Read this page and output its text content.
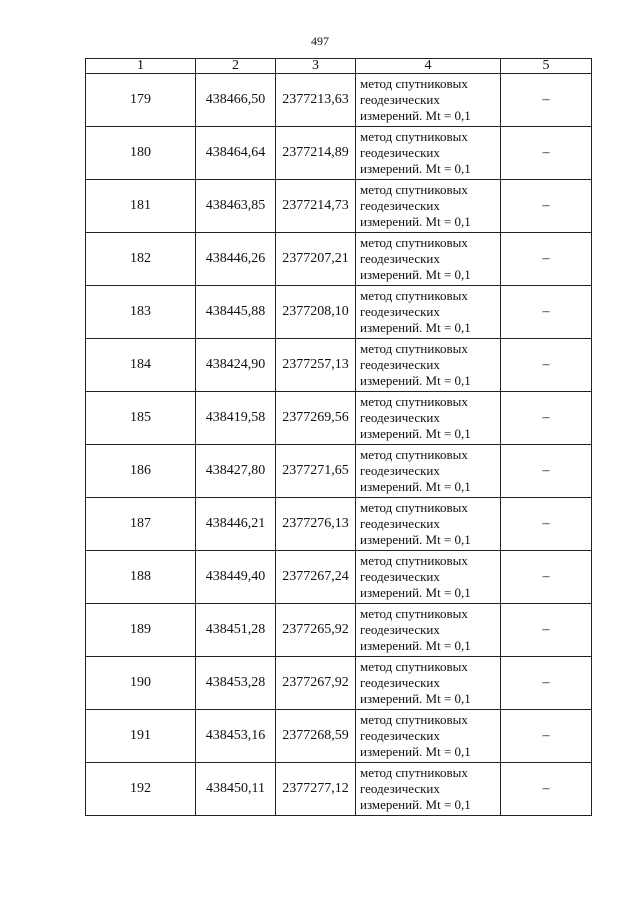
497
1	2	3	4	5
179	438466,50	2377213,63	метод спутниковых
геодезических
измерений. Mt = 0,1	–
180	438464,64	2377214,89	метод спутниковых
геодезических
измерений. Mt = 0,1	–
181	438463,85	2377214,73	метод спутниковых
геодезических
измерений. Mt = 0,1	–
182	438446,26	2377207,21	метод спутниковых
геодезических
измерений. Mt = 0,1	–
183	438445,88	2377208,10	метод спутниковых
геодезических
измерений. Mt = 0,1	–
184	438424,90	2377257,13	метод спутниковых
геодезических
измерений. Mt = 0,1	–
185	438419,58	2377269,56	метод спутниковых
геодезических
измерений. Mt = 0,1	–
186	438427,80	2377271,65	метод спутниковых
геодезических
измерений. Mt = 0,1	–
187	438446,21	2377276,13	метод спутниковых
геодезических
измерений. Mt = 0,1	–
188	438449,40	2377267,24	метод спутниковых
геодезических
измерений. Mt = 0,1	–
189	438451,28	2377265,92	метод спутниковых
геодезических
измерений. Mt = 0,1	–
190	438453,28	2377267,92	метод спутниковых
геодезических
измерений. Mt = 0,1	–
191	438453,16	2377268,59	метод спутниковых
геодезических
измерений. Mt = 0,1	–
192	438450,11	2377277,12	метод спутниковых
геодезических
измерений. Mt = 0,1	–
